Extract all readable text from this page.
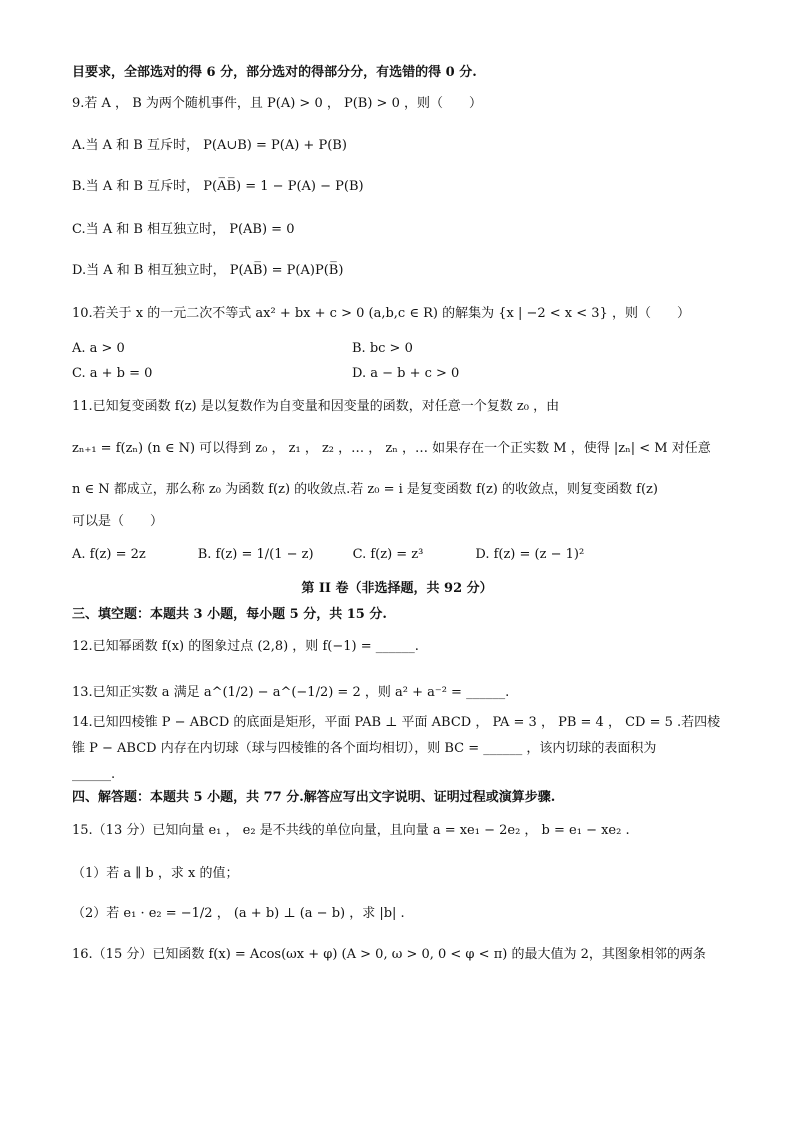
目要求，全部选对的得 6 分，部分选对的得部分分，有选错的得 0 分.
9.若 A ， B 为两个随机事件，且 P(A) > 0 ， P(B) > 0 ，则（　　）
A.当 A 和 B 互斥时， P(A∪B) = P(A) + P(B)
B.当 A 和 B 互斥时， P(A̅B̅) = 1 − P(A) − P(B)
C.当 A 和 B 相互独立时， P(AB) = 0
D.当 A 和 B 相互独立时， P(AB̅) = P(A)P(B̅)
10.若关于 x 的一元二次不等式 ax² + bx + c > 0 (a,b,c ∈ R) 的解集为 {x | −2 < x < 3} ，则（　　）
A. a > 0	B. bc > 0
C. a + b = 0	D. a − b + c > 0
11.已知复变函数 f(z) 是以复数作为自变量和因变量的函数，对任意一个复数 z₀ ，由
zₙ₊₁ = f(zₙ) (n ∈ N) 可以得到 z₀ ， z₁ ， z₂ ，… ， zₙ ，… 如果存在一个正实数 M ，使得 |zₙ| < M 对任意
n ∈ N 都成立，那么称 z₀ 为函数 f(z) 的收敛点.若 z₀ = i 是复变函数 f(z) 的收敛点，则复变函数 f(z)
可以是（　　）
A. f(z) = 2z　　　　B. f(z) = 1/(1 − z)　　　C. f(z) = z³　　　　D. f(z) = (z − 1)²
第 II 卷（非选择题，共 92 分）
三、填空题：本题共 3 小题，每小题 5 分，共 15 分.
12.已知幂函数 f(x) 的图象过点 (2,8) ，则 f(−1) = ______.
13.已知正实数 a 满足 a^(1/2) − a^(−1/2) = 2 ，则 a² + a⁻² = ______.
14.已知四棱锥 P − ABCD 的底面是矩形，平面 PAB ⊥ 平面 ABCD ， PA = 3 ， PB = 4 ， CD = 5 .若四棱
锥 P − ABCD 内存在内切球（球与四棱锥的各个面均相切），则 BC = ______ ，该内切球的表面积为
______.
四、解答题：本题共 5 小题，共 77 分.解答应写出文字说明、证明过程或演算步骤.
15.（13 分）已知向量 e₁ ， e₂ 是不共线的单位向量，且向量 a = xe₁ − 2e₂ ， b = e₁ − xe₂ .
（1）若 a ∥ b ，求 x 的值；
（2）若 e₁ · e₂ = −1/2 ， (a + b) ⊥ (a − b) ，求 |b| .
16.（15 分）已知函数 f(x) = Acos(ωx + φ) (A > 0, ω > 0, 0 < φ < π) 的最大值为 2，其图象相邻的两条
